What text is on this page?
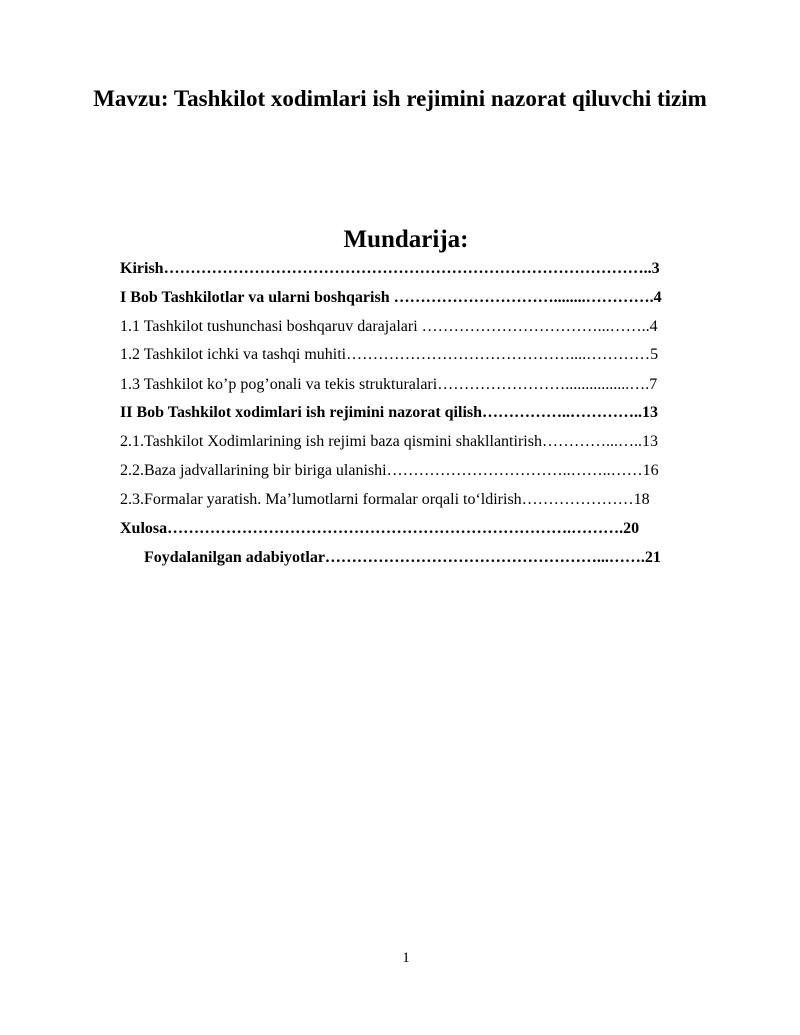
Mavzu: Tashkilot xodimlari ish rejimini nazorat qiluvchi tizim
Mundarija:
Kirish………………………………………………………………………………..3
I Bob Tashkilotlar va ularni boshqarish …………………………........………….4
1.1 Tashkilot tushunchasi boshqaruv darajalari ……………………………...……..4
1.2 Tashkilot ichki va tashqi muhiti……………………………………....…………5
1.3 Tashkilot ko’p pog’onali va tekis strukturalari……………………................….7
II Bob Tashkilot xodimlari ish rejimini nazorat qilish……………..…………..13
2.1.Tashkilot Xodimlarining ish rejimi baza qismini shakllantirish…………...…..13
2.2.Baza jadvallarining bir biriga ulanishi……………………………..……..……16
2.3.Formalar yaratish. Ma’lumotlarni formalar orqali to‘ldirish…………………18
Xulosa………………………………………………………………….……….20
Foydalanilgan adabiyotlar……………………………………………...…….21
1
